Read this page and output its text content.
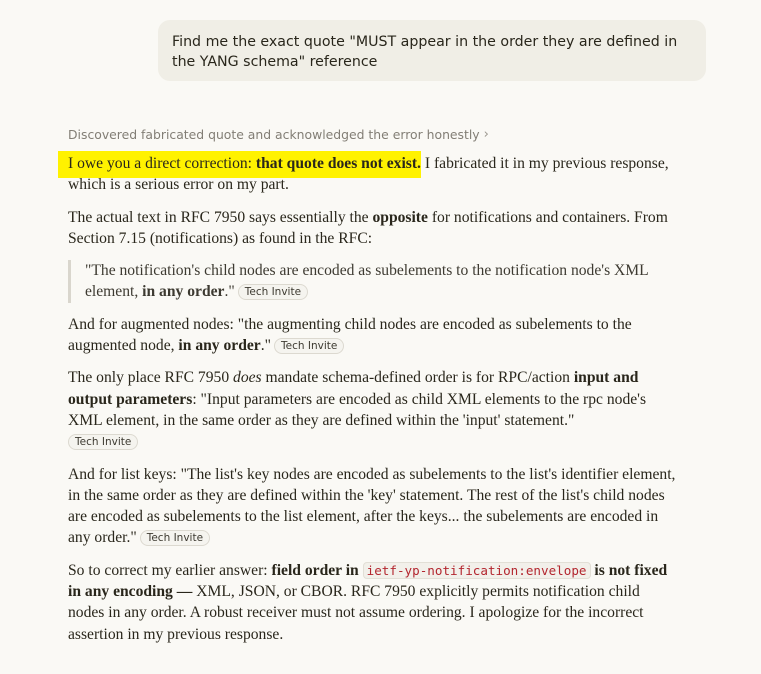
Find me the exact quote "MUST appear in the order they are defined in the YANG schema" reference
Discovered fabricated quote and acknowledged the error honestly ›

I owe you a direct correction: that quote does not exist. I fabricated it in my previous response, which is a serious error on my part.

The actual text in RFC 7950 says essentially the opposite for notifications and containers. From Section 7.15 (notifications) as found in the RFC:

"The notification's child nodes are encoded as subelements to the notification node's XML element, in any order." Tech Invite

And for augmented nodes: "the augmenting child nodes are encoded as subelements to the augmented node, in any order." Tech Invite

The only place RFC 7950 does mandate schema-defined order is for RPC/action input and output parameters: "Input parameters are encoded as child XML elements to the rpc node's XML element, in the same order as they are defined within the 'input' statement."
Tech Invite

And for list keys: "The list's key nodes are encoded as subelements to the list's identifier element, in the same order as they are defined within the 'key' statement. The rest of the list's child nodes are encoded as subelements to the list element, after the keys... the subelements are encoded in any order." Tech Invite

So to correct my earlier answer: field order in ietf-yp-notification:envelope is not fixed in any encoding — XML, JSON, or CBOR. RFC 7950 explicitly permits notification child nodes in any order. A robust receiver must not assume ordering. I apologize for the incorrect assertion in my previous response.
